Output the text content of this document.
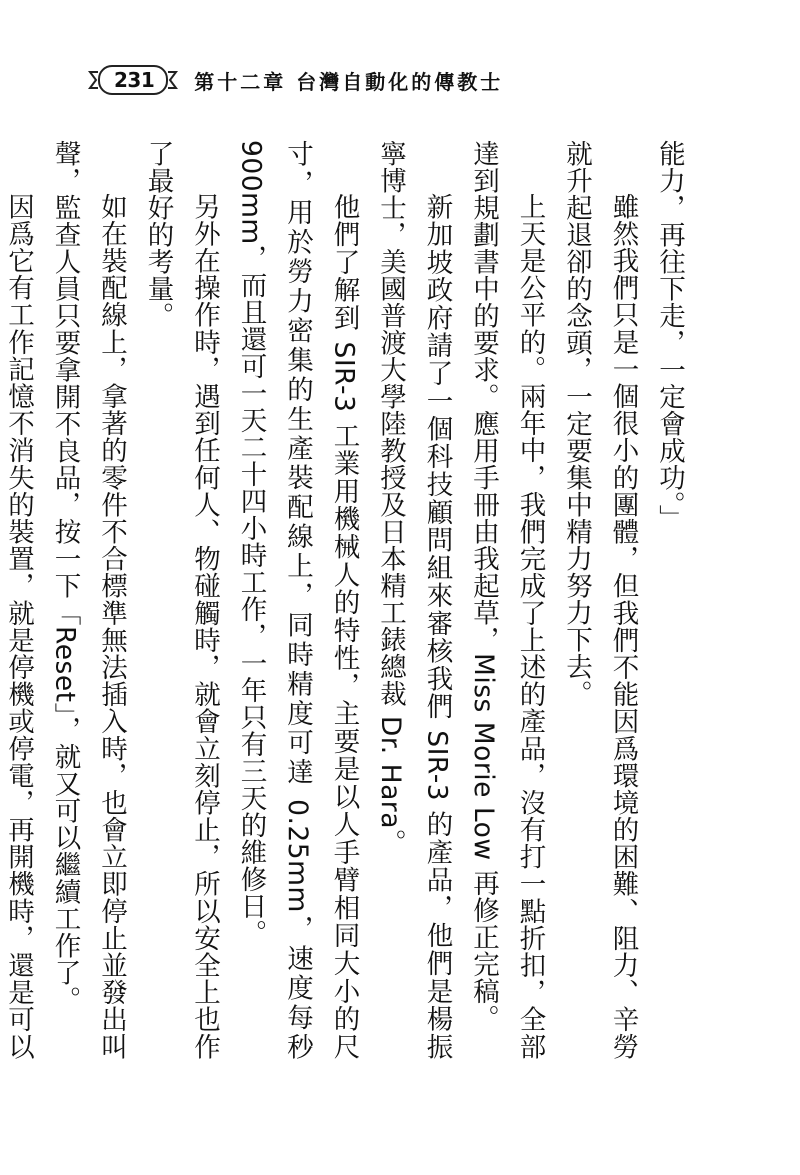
231 第十二章 台灣自動化的傳教士

能力，再往下走，一定會成功。」

雖然我們只是一個很小的團體，但我們不能因爲環境的困難、阻力、辛勞就升起退卻的念頭，一定要集中精力努力下去。

上天是公平的。兩年中，我們完成了上述的產品，沒有打一點折扣，全部達到規劃書中的要求。應用手冊由我起草，Miss Morie Low 再修正完稿。

新加坡政府請了一個科技顧問組來審核我們 SIR-3 的產品，他們是楊振寧博士，美國普渡大學陸教授及日本精工錶總裁 Dr. Hara。

他們了解到 SIR-3 工業用機械人的特性，主要是以人手臂相同大小的尺寸，用於勞力密集的生產裝配線上，同時精度可達 0.25mm，速度每秒 900mm，而且還可一天二十四小時工作，一年只有三天的維修日。

另外在操作時，遇到任何人、物碰觸時，就會立刻停止，所以安全上也作了最好的考量。

如在裝配線上，拿著的零件不合標準無法插入時，也會立即停止並發出叫聲，監查人員只要拿開不良品，按一下「Reset」，就又可以繼續工作了。

因爲它有工作記憶不消失的裝置，就是停機或停電，再開機時，還是可以
